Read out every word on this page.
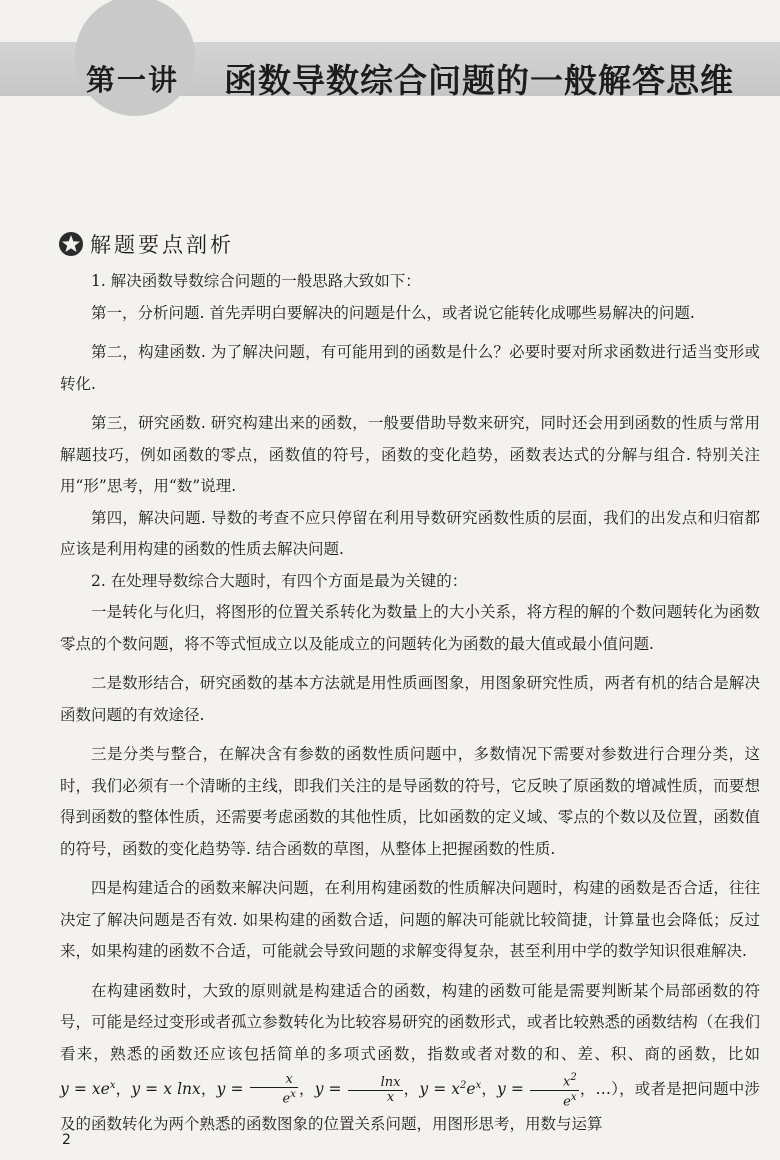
第一讲 函数导数综合问题的一般解答思维
解题要点剖析

1. 解决函数导数综合问题的一般思路大致如下：

第一，分析问题. 首先弄明白要解决的问题是什么，或者说它能转化成哪些易解决的问题.

第二，构建函数. 为了解决问题，有可能用到的函数是什么？必要时要对所求函数进行适当变形或转化.

第三，研究函数. 研究构建出来的函数，一般要借助导数来研究，同时还会用到函数的性质与常用解题技巧，例如函数的零点，函数值的符号，函数的变化趋势，函数表达式的分解与组合. 特别关注用“形”思考，用“数”说理.

第四，解决问题. 导数的考查不应只停留在利用导数研究函数性质的层面，我们的出发点和归宿都应该是利用构建的函数的性质去解决问题.

2. 在处理导数综合大题时，有四个方面是最为关键的：

一是转化与化归，将图形的位置关系转化为数量上的大小关系，将方程的解的个数问题转化为函数零点的个数问题，将不等式恒成立以及能成立的问题转化为函数的最大值或最小值问题.

二是数形结合，研究函数的基本方法就是用性质画图象，用图象研究性质，两者有机的结合是解决函数问题的有效途径.

三是分类与整合，在解决含有参数的函数性质问题中，多数情况下需要对参数进行合理分类，这时，我们必须有一个清晰的主线，即我们关注的是导函数的符号，它反映了原函数的增减性质，而要想得到函数的整体性质，还需要考虑函数的其他性质，比如函数的定义域、零点的个数以及位置，函数值的符号，函数的变化趋势等. 结合函数的草图，从整体上把握函数的性质.

四是构建适合的函数来解决问题，在利用构建函数的性质解决问题时，构建的函数是否合适，往往决定了解决问题是否有效. 如果构建的函数合适，问题的解决可能就比较简捷，计算量也会降低；反过来，如果构建的函数不合适，可能就会导致问题的求解变得复杂，甚至利用中学的数学知识很难解决.

在构建函数时，大致的原则就是构建适合的函数，构建的函数可能是需要判断某个局部函数的符号，可能是经过变形或者孤立参数转化为比较容易研究的函数形式，或者比较熟悉的函数结构（在我们看来，熟悉的函数还应该包括简单的多项式函数，指数或者对数的和、差、积、商的函数，比如 $y = xe^x$，y = x lnx，$y = \frac{x}{e^x}$ ，$y = \frac{\ln x}{x}$ ，$y = x^2e^x$，$y = \frac{x^2}{e^x}$ ，…），或者是把问题中涉及的函数转化为两个熟悉的函数图象的位置关系问题，用图形思考，用数与运算

2
